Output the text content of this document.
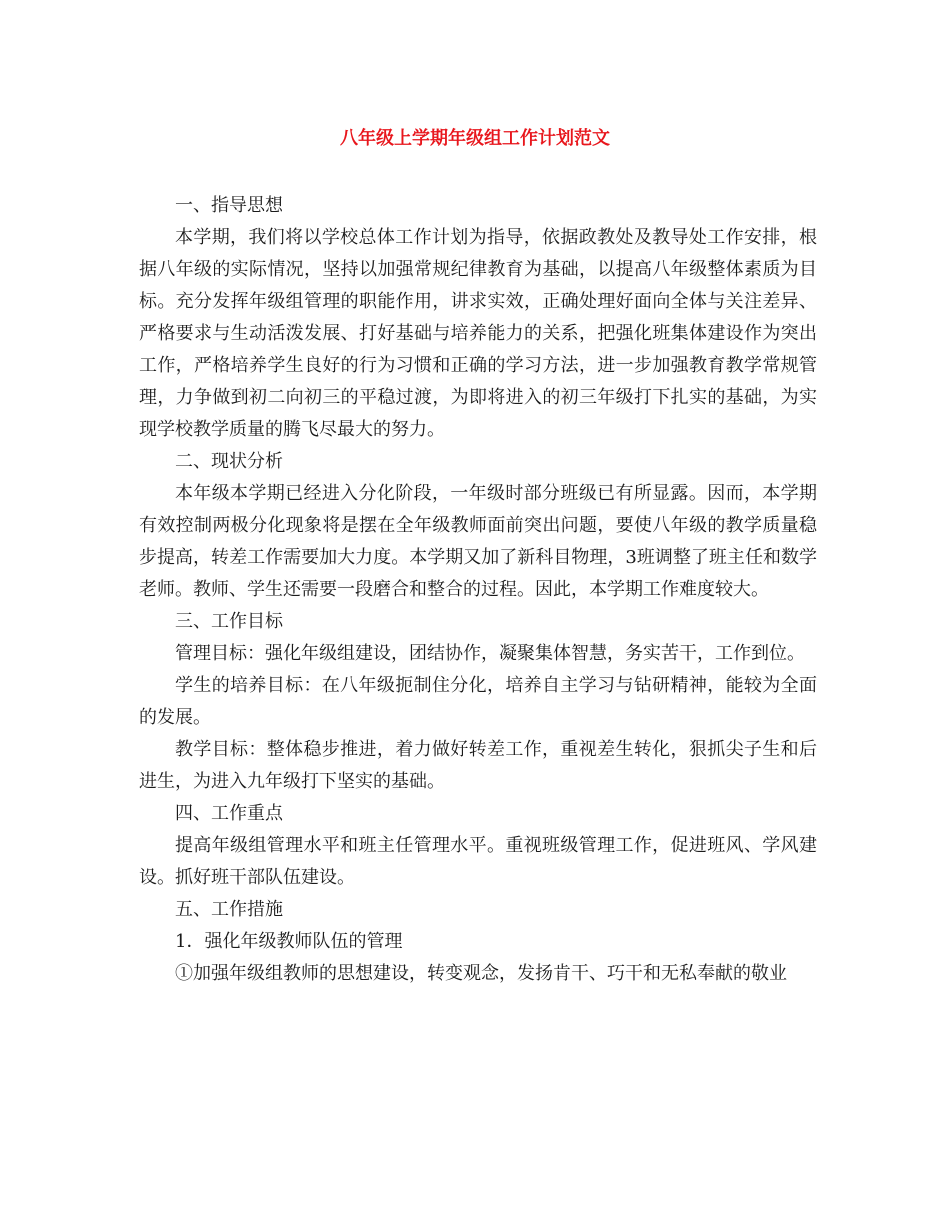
八年级上学期年级组工作计划范文

一、指导思想

本学期，我们将以学校总体工作计划为指导，依据政教处及教导处工作安排，根据八年级的实际情况，坚持以加强常规纪律教育为基础，以提高八年级整体素质为目标。充分发挥年级组管理的职能作用，讲求实效，正确处理好面向全体与关注差异、严格要求与生动活泼发展、打好基础与培养能力的关系，把强化班集体建设作为突出工作，严格培养学生良好的行为习惯和正确的学习方法，进一步加强教育教学常规管理，力争做到初二向初三的平稳过渡，为即将进入的初三年级打下扎实的基础，为实现学校教学质量的腾飞尽最大的努力。

二、现状分析

本年级本学期已经进入分化阶段，一年级时部分班级已有所显露。因而，本学期有效控制两极分化现象将是摆在全年级教师面前突出问题，要使八年级的教学质量稳步提高，转差工作需要加大力度。本学期又加了新科目物理，3班调整了班主任和数学老师。教师、学生还需要一段磨合和整合的过程。因此，本学期工作难度较大。

三、工作目标

管理目标：强化年级组建设，团结协作，凝聚集体智慧，务实苦干，工作到位。

学生的培养目标：在八年级扼制住分化，培养自主学习与钻研精神，能较为全面的发展。

教学目标：整体稳步推进，着力做好转差工作，重视差生转化，狠抓尖子生和后进生，为进入九年级打下坚实的基础。

四、工作重点

提高年级组管理水平和班主任管理水平。重视班级管理工作，促进班风、学风建设。抓好班干部队伍建设。

五、工作措施

1．强化年级教师队伍的管理

①加强年级组教师的思想建设，转变观念，发扬肯干、巧干和无私奉献的敬业
